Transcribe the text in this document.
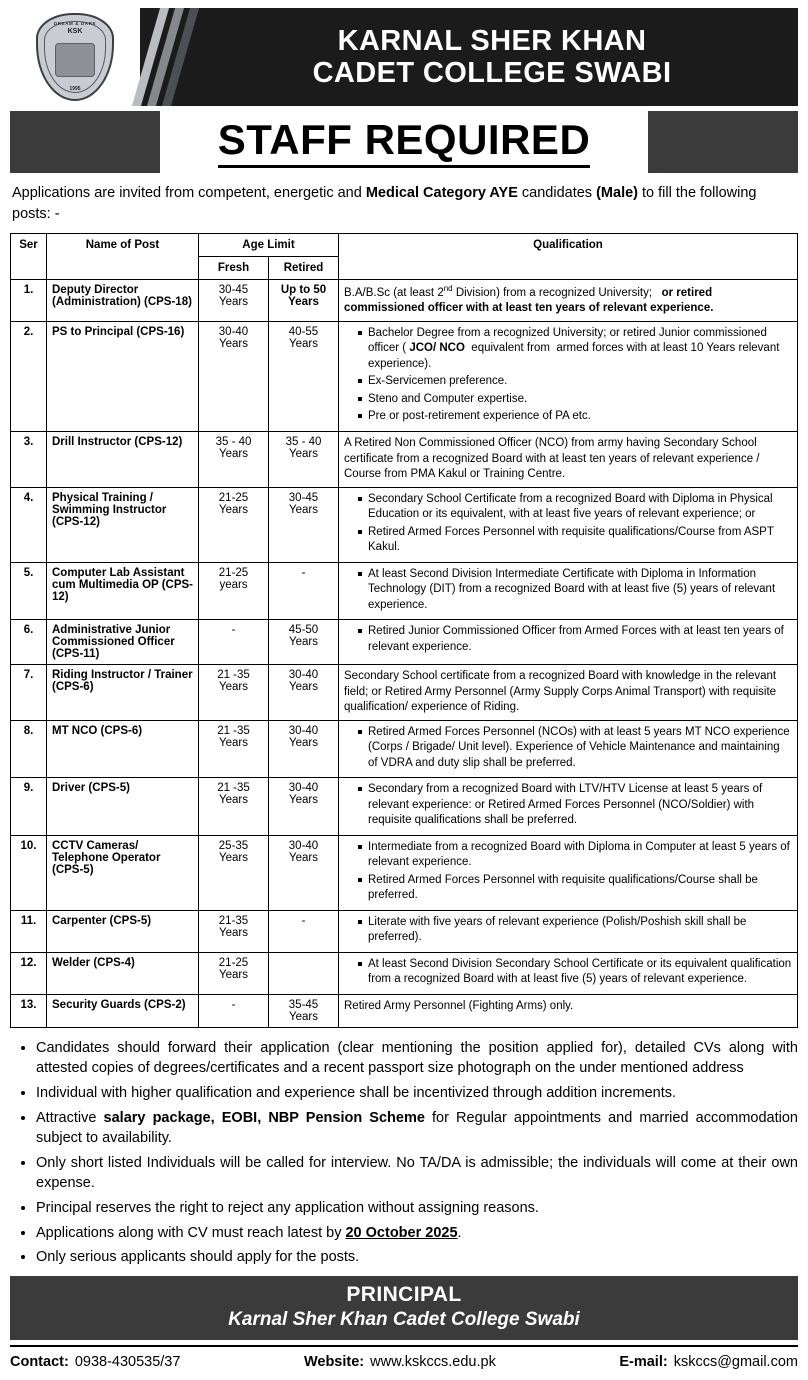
DREAM & DARE
KSK
1995
KARNAL SHER KHAN
CADET COLLEGE SWABI
STAFF REQUIRED
Applications are invited from competent, energetic and Medical Category AYE candidates (Male) to fill the following posts: -
Ser	Name of Post	Age Limit		Qualification
		Fresh	Retired	
1.	Deputy Director (Administration) (CPS-18)	30-45 Years	Up to 50 Years	B.A/B.Sc (at least 2nd Division) from a recognized University;   or retired commissioned officer with at least ten years of relevant experience.

2.	PS to Principal (CPS-16)	30-40 Years	40-55 Years	
Bachelor Degree from a recognized University; or retired Junior commissioned officer ( JCO/ NCO  equivalent from  armed forces with at least 10 Years relevant experience).
Ex-Servicemen preference.
Steno and Computer expertise.
Pre or post-retirement experience of PA etc.

3.	Drill Instructor (CPS-12)	35 - 40 Years	35 - 40 Years	A Retired Non Commissioned Officer (NCO) from army having Secondary School certificate from a recognized Board with at least ten years of relevant experience / Course from PMA Kakul or Training Centre.

4.	Physical Training / Swimming Instructor (CPS-12)	21-25 Years	30-45 Years	
Secondary School Certificate from a recognized Board with Diploma in Physical Education or its equivalent, with at least five years of relevant experience; or
Retired Armed Forces Personnel with requisite qualifications/Course from ASPT Kakul.

5.	Computer Lab Assistant cum Multimedia OP (CPS-12)	21-25 years	-	At least Second Division Intermediate Certificate with Diploma in Information Technology (DIT) from a recognized Board with at least five (5) years of relevant experience.

6.	Administrative Junior Commissioned Officer (CPS-11)	-	45-50 Years	
Retired Junior Commissioned Officer from Armed Forces with at least ten years of relevant experience.

7.	Riding Instructor / Trainer (CPS-6)	21 -35 Years	30-40 Years	Secondary School certificate from a recognized Board with knowledge in the relevant field; or Retired Army Personnel (Army Supply Corps Animal Transport) with requisite qualification/ experience of Riding.

8.	MT NCO (CPS-6)	21 -35 Years	30-40 Years	
Retired Armed Forces Personnel (NCOs) with at least 5 years MT NCO experience (Corps / Brigade/ Unit level). Experience of Vehicle Maintenance and maintaining of VDRA and duty slip shall be preferred.

9.	Driver (CPS-5)	21 -35 Years	30-40 Years	
Secondary from a recognized Board with LTV/HTV License at least 5 years of relevant experience: or Retired Armed Forces Personnel (NCO/Soldier) with requisite qualifications shall be preferred.

10.	CCTV Cameras/ Telephone Operator (CPS-5)	25-35 Years	30-40 Years	
Intermediate from a recognized Board with Diploma in Computer at least 5 years of relevant experience.
Retired Armed Forces Personnel with requisite qualifications/Course shall be preferred.

11.	Carpenter (CPS-5)	21-35 Years	-	Literate with five years of relevant experience (Polish/Poshish skill shall be preferred).

12.	Welder (CPS-4)	21-25 Years		
At least Second Division Secondary School Certificate or its equivalent qualification from a recognized Board with at least five (5) years of relevant experience.

13.	Security Guards (CPS-2)	-	35-45 Years	Retired Army Personnel (Fighting Arms) only.

• Candidates should forward their application (clear mentioning the position applied for), detailed CVs along with attested copies of degrees/certificates and a recent passport size photograph on the under mentioned address
• Individual with higher qualification and experience shall be incentivized through addition increments.
• Attractive salary package, EOBI, NBP Pension Scheme for Regular appointments and married accommodation subject to availability.
• Only short listed Individuals will be called for interview. No TA/DA is admissible; the individuals will come at their own expense.
• Principal reserves the right to reject any application without assigning reasons.
• Applications along with CV must reach latest by 20 October 2025.
• Only serious applicants should apply for the posts.
PRINCIPAL
Karnal Sher Khan Cadet College Swabi
Contact: 0938-430535/37	Website: www.kskccs.edu.pk	E-mail: kskccs@gmail.com
